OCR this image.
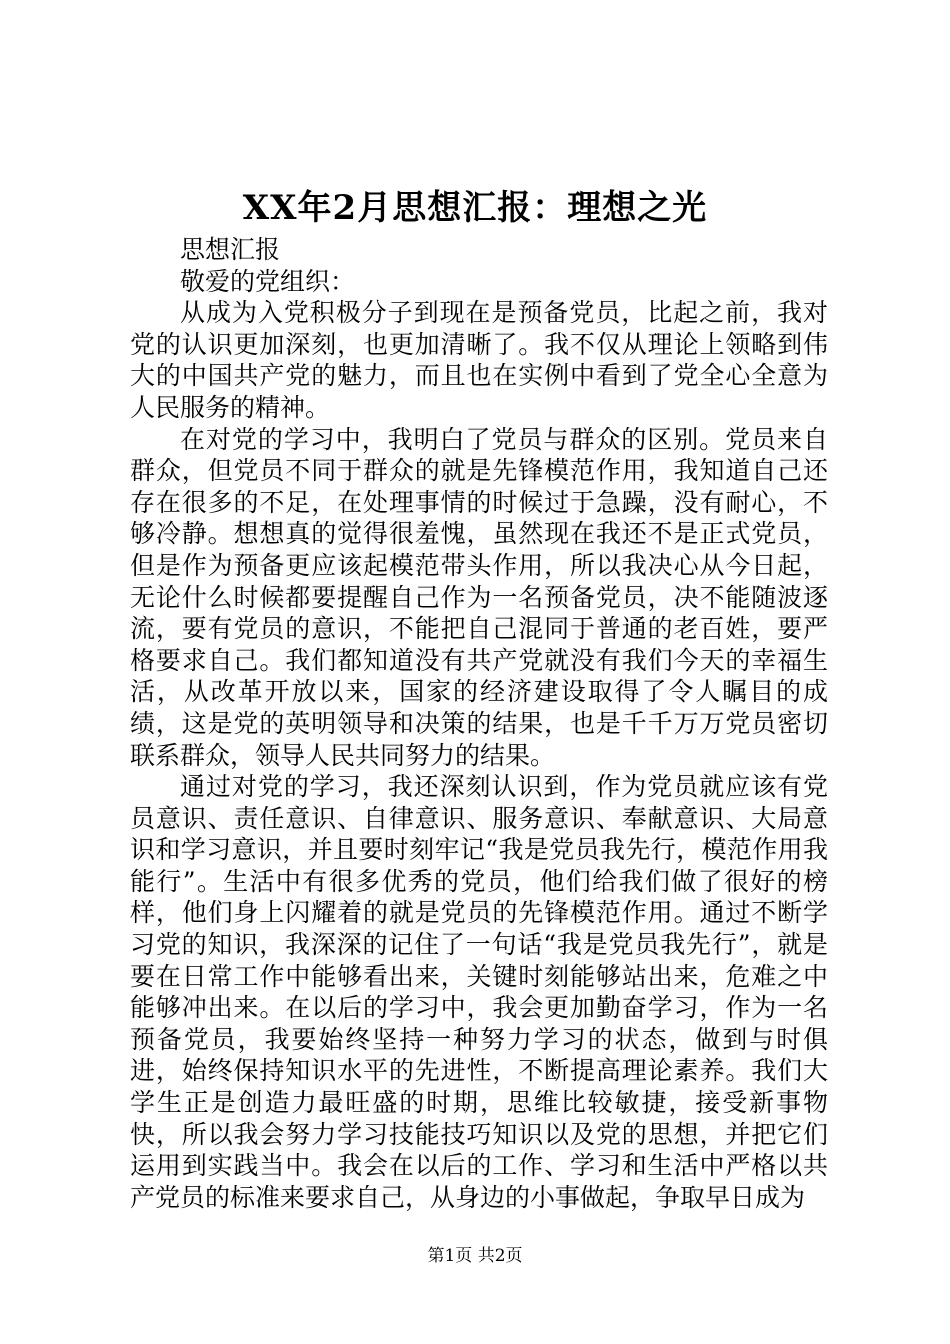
XX年2月思想汇报：理想之光

思想汇报

敬爱的党组织：

从成为入党积极分子到现在是预备党员，比起之前，我对党的认识更加深刻，也更加清晰了。我不仅从理论上领略到伟大的中国共产党的魅力，而且也在实例中看到了党全心全意为人民服务的精神。

在对党的学习中，我明白了党员与群众的区别。党员来自群众，但党员不同于群众的就是先锋模范作用，我知道自己还存在很多的不足，在处理事情的时候过于急躁，没有耐心，不够冷静。想想真的觉得很羞愧，虽然现在我还不是正式党员，但是作为预备更应该起模范带头作用，所以我决心从今日起，无论什么时候都要提醒自己作为一名预备党员，决不能随波逐流，要有党员的意识，不能把自己混同于普通的老百姓，要严格要求自己。我们都知道没有共产党就没有我们今天的幸福生活，从改革开放以来，国家的经济建设取得了令人瞩目的成绩，这是党的英明领导和决策的结果，也是千千万万党员密切联系群众，领导人民共同努力的结果。

通过对党的学习，我还深刻认识到，作为党员就应该有党员意识、责任意识、自律意识、服务意识、奉献意识、大局意识和学习意识，并且要时刻牢记“我是党员我先行，模范作用我能行”。生活中有很多优秀的党员，他们给我们做了很好的榜样，他们身上闪耀着的就是党员的先锋模范作用。通过不断学习党的知识，我深深的记住了一句话“我是党员我先行”，就是要在日常工作中能够看出来，关键时刻能够站出来，危难之中能够冲出来。在以后的学习中，我会更加勤奋学习，作为一名预备党员，我要始终坚持一种努力学习的状态，做到与时俱进，始终保持知识水平的先进性，不断提高理论素养。我们大学生正是创造力最旺盛的时期，思维比较敏捷，接受新事物快，所以我会努力学习技能技巧知识以及党的思想，并把它们运用到实践当中。我会在以后的工作、学习和生活中严格以共产党员的标准来要求自己，从身边的小事做起，争取早日成为

第1页 共2页
